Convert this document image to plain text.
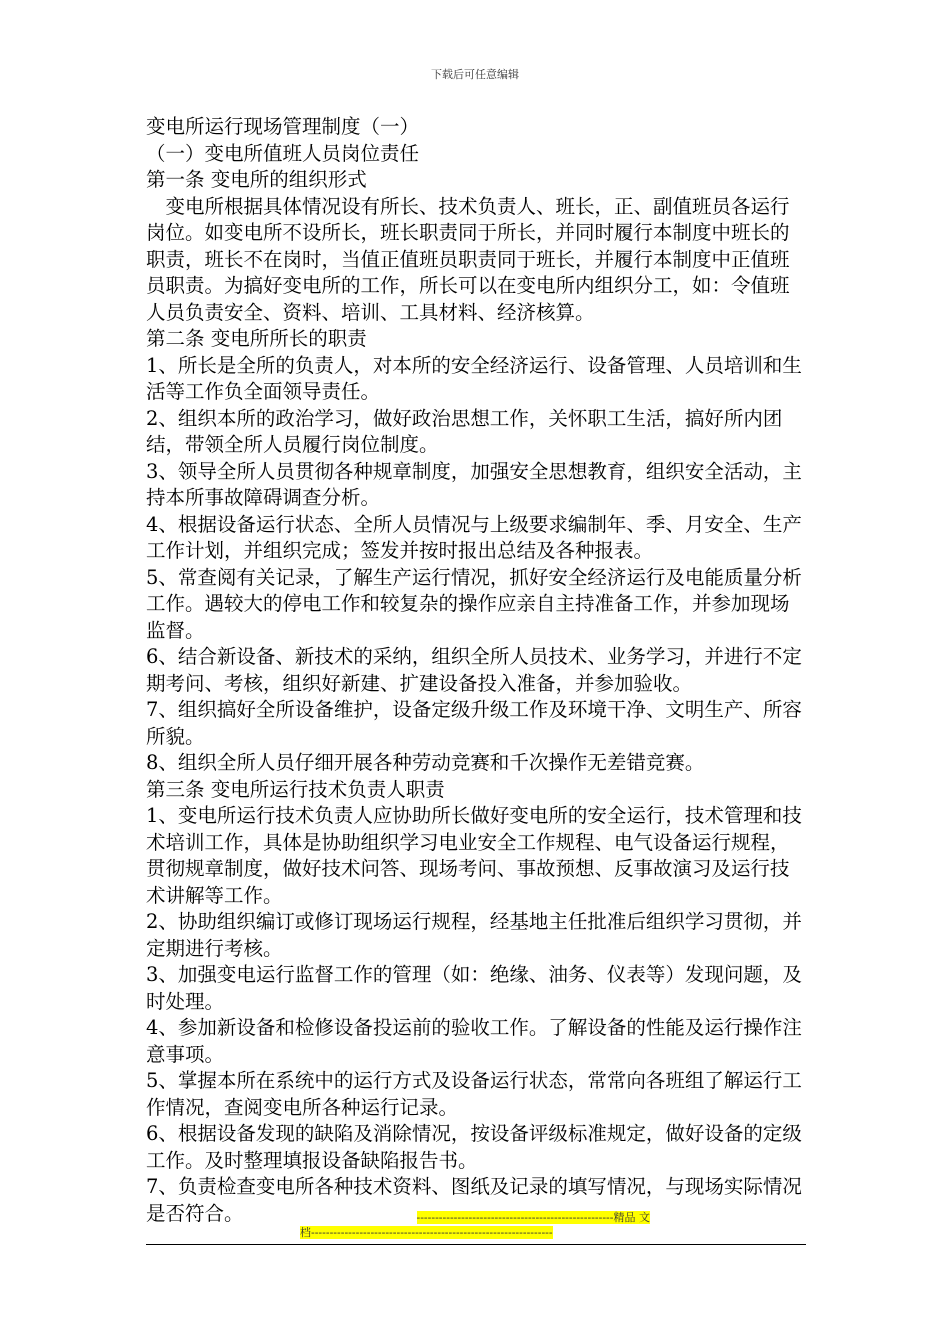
下载后可任意编辑

变电所运行现场管理制度（一）

（一）变电所值班人员岗位责任

第一条 变电所的组织形式

变电所根据具体情况设有所长、技术负责人、班长，正、副值班员各运行岗位。如变电所不设所长，班长职责同于所长，并同时履行本制度中班长的职责，班长不在岗时，当值正值班员职责同于班长，并履行本制度中正值班员职责。为搞好变电所的工作，所长可以在变电所内组织分工，如：令值班人员负责安全、资料、培训、工具材料、经济核算。

第二条 变电所所长的职责

1、所长是全所的负责人，对本所的安全经济运行、设备管理、人员培训和生活等工作负全面领导责任。

2、组织本所的政治学习，做好政治思想工作，关怀职工生活，搞好所内团结，带领全所人员履行岗位制度。

3、领导全所人员贯彻各种规章制度，加强安全思想教育，组织安全活动，主持本所事故障碍调查分析。

4、根据设备运行状态、全所人员情况与上级要求编制年、季、月安全、生产工作计划，并组织完成；签发并按时报出总结及各种报表。

5、常查阅有关记录，了解生产运行情况，抓好安全经济运行及电能质量分析工作。遇较大的停电工作和较复杂的操作应亲自主持准备工作，并参加现场监督。

6、结合新设备、新技术的采纳，组织全所人员技术、业务学习，并进行不定期考问、考核，组织好新建、扩建设备投入准备，并参加验收。

7、组织搞好全所设备维护，设备定级升级工作及环境干净、文明生产、所容所貌。

8、组织全所人员仔细开展各种劳动竞赛和千次操作无差错竞赛。

第三条 变电所运行技术负责人职责

1、变电所运行技术负责人应协助所长做好变电所的安全运行，技术管理和技术培训工作，具体是协助组织学习电业安全工作规程、电气设备运行规程，贯彻规章制度，做好技术问答、现场考问、事故预想、反事故演习及运行技术讲解等工作。

2、协助组织编订或修订现场运行规程，经基地主任批准后组织学习贯彻，并定期进行考核。

3、加强变电运行监督工作的管理（如：绝缘、油务、仪表等）发现问题，及时处理。

4、参加新设备和检修设备投运前的验收工作。了解设备的性能及运行操作注意事项。

5、掌握本所在系统中的运行方式及设备运行状态，常常向各班组了解运行工作情况，查阅变电所各种运行记录。

6、根据设备发现的缺陷及消除情况，按设备评级标准规定，做好设备的定级工作。及时整理填报设备缺陷报告书。

7、负责检查变电所各种技术资料、图纸及记录的填写情况，与现场实际情况是否符合。	-----------------------------------------------------精品 文
档-----------------------------------------------------------------
